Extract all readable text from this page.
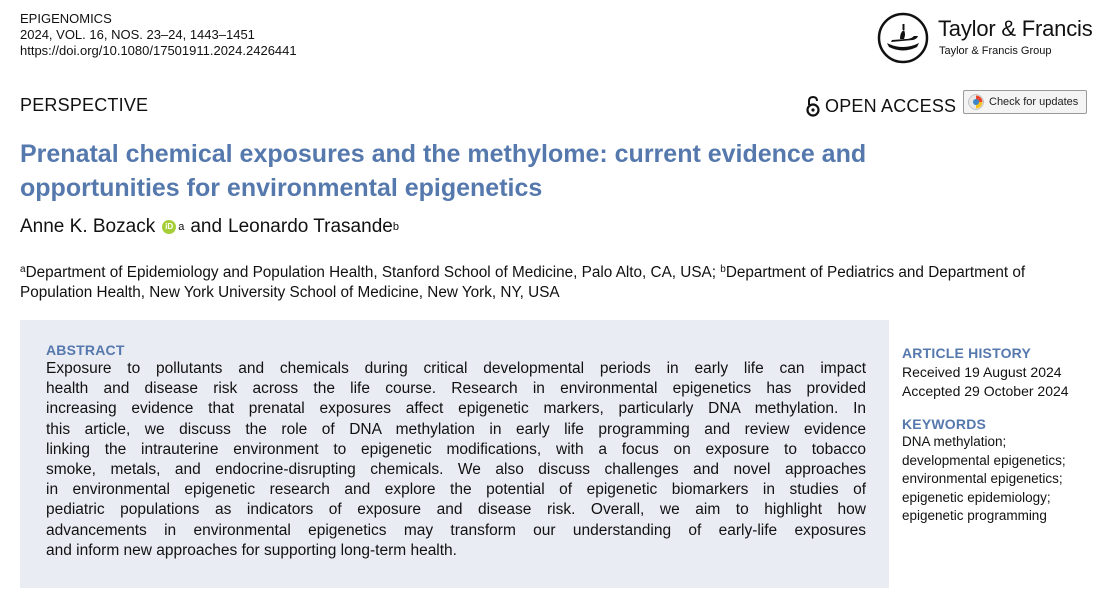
EPIGENOMICS
2024, VOL. 16, NOS. 23–24, 1443–1451
https://doi.org/10.1080/17501911.2024.2426441
Taylor & Francis
Taylor & Francis Group
PERSPECTIVE	OPEN ACCESS	Check for updates
Prenatal chemical exposures and the methylome: current evidence and
opportunities for environmental epigenetics
Anne K. Bozack	iD a and Leonardo Trasande b
$^a$Department of Epidemiology and Population Health, Stanford School of Medicine, Palo Alto, CA, USA; $^b$Department of Pediatrics and Department of Population Health, New York University School of Medicine, New York, NY, USA
ABSTRACT
Exposure to pollutants and chemicals during critical developmental periods in early life can impact
health and disease risk across the life course. Research in environmental epigenetics has provided
increasing evidence that prenatal exposures affect epigenetic markers, particularly DNA methylation. In
this article, we discuss the role of DNA methylation in early life programming and review evidence
linking the intrauterine environment to epigenetic modifications, with a focus on exposure to tobacco
smoke, metals, and endocrine-disrupting chemicals. We also discuss challenges and novel approaches
in environmental epigenetic research and explore the potential of epigenetic biomarkers in studies of
pediatric populations as indicators of exposure and disease risk. Overall, we aim to highlight how
advancements in environmental epigenetics may transform our understanding of early-life exposures
and inform new approaches for supporting long-term health.
ARTICLE HISTORY
Received 19 August 2024
Accepted 29 October 2024
KEYWORDS
DNA methylation;
developmental epigenetics;
environmental epigenetics;
epigenetic epidemiology;
epigenetic programming
